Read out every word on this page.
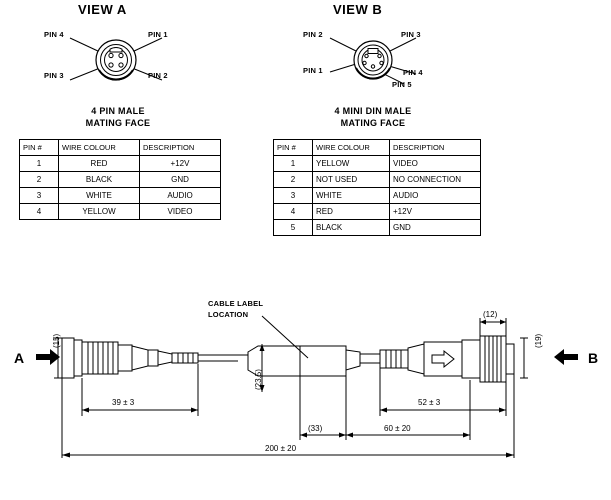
VIEW A
PIN 4	PIN 1
PIN 3	PIN 2
4 PIN MALE
MATING FACE
PIN #	WIRE COLOUR	DESCRIPTION
1	RED	+12V
2	BLACK	GND
3	WHITE	AUDIO
4	YELLOW	VIDEO
VIEW B
PIN 2	PIN 3
PIN 1	PIN 4
PIN 5
4 MINI DIN MALE
MATING FACE
PIN #	WIRE COLOUR	DESCRIPTION
1	YELLOW	VIDEO
2	NOT USED	NO CONNECTION
3	WHITE	AUDIO
4	RED	+12V
5	BLACK	GND
CABLE LABEL
LOCATION
A	B
(15)	(19)
(12)
(23.5)
39 ± 3	52 ± 3
(33)	60 ± 20
200 ± 20
